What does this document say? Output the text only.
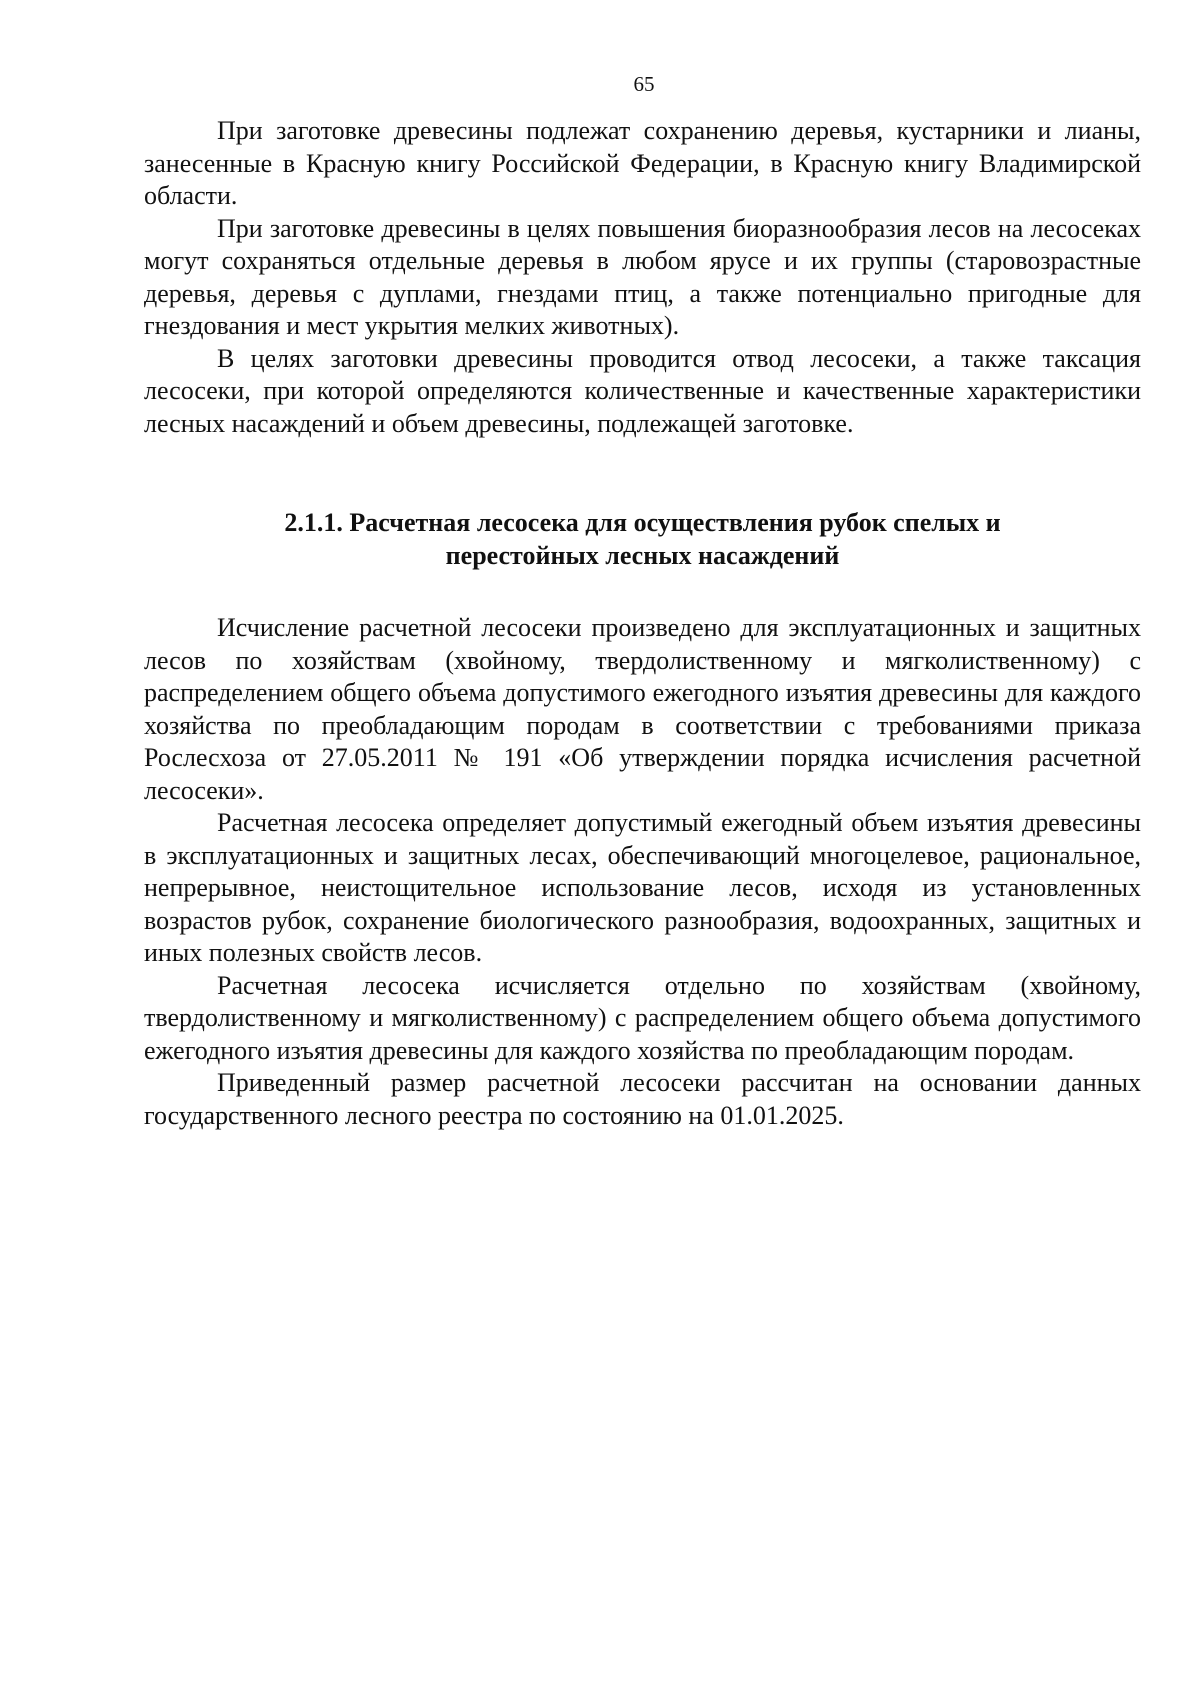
65

При заготовке древесины подлежат сохранению деревья, кустарники и лианы, занесенные в Красную книгу Российской Федерации, в Красную книгу Владимирской области.

При заготовке древесины в целях повышения биоразнообразия лесов на лесосеках могут сохраняться отдельные деревья в любом ярусе и их группы (старовозрастные деревья, деревья с дуплами, гнездами птиц, а также потенциально пригодные для гнездования и мест укрытия мелких животных).

В целях заготовки древесины проводится отвод лесосеки, а также таксация лесосеки, при которой определяются количественные и качественные характеристики лесных насаждений и объем древесины, подлежащей заготовке.

2.1.1. Расчетная лесосека для осуществления рубок спелых и
перестойных лесных насаждений

Исчисление расчетной лесосеки произведено для эксплуатационных и защитных лесов по хозяйствам (хвойному, твердолиственному и мягколиственному) с распределением общего объема допустимого ежегодного изъятия древесины для каждого хозяйства по преобладающим породам в соответствии с требованиями приказа Рослесхоза от 27.05.2011 № 191 «Об утверждении порядка исчисления расчетной лесосеки».

Расчетная лесосека определяет допустимый ежегодный объем изъятия древесины в эксплуатационных и защитных лесах, обеспечивающий многоцелевое, рациональное, непрерывное, неистощительное использование лесов, исходя из установленных возрастов рубок, сохранение биологического разнообразия, водоохранных, защитных и иных полезных свойств лесов.

Расчетная лесосека исчисляется отдельно по хозяйствам (хвойному, твердолиственному и мягколиственному) с распределением общего объема допустимого ежегодного изъятия древесины для каждого хозяйства по преобладающим породам.

Приведенный размер расчетной лесосеки рассчитан на основании данных государственного лесного реестра по состоянию на 01.01.2025.
